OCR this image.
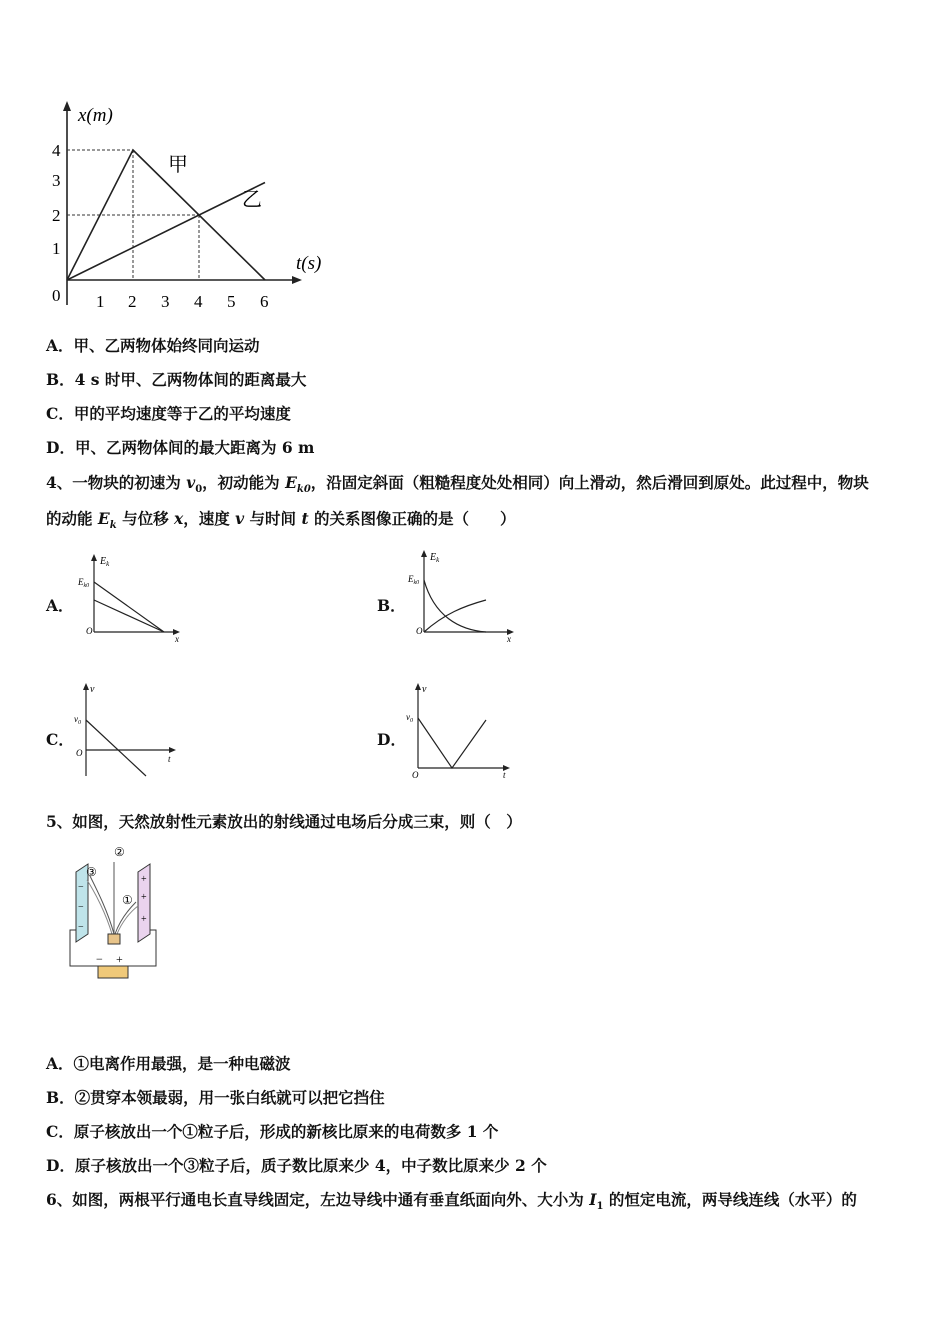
x(m)
t(s)
0
4
3
2
1
1 2 3 4 5 6
甲
乙
A．甲、乙两物体始终同向运动
B．4 s 时甲、乙两物体间的距离最大
C．甲的平均速度等于乙的平均速度
D．甲、乙两物体间的最大距离为 6 m
4、一物块的初速为 $v_0$，初动能为 $E_{k0}$，沿固定斜面（粗糙程度处处相同）向上滑动，然后滑回到原处。此过程中，物块
的动能 $E_k$ 与位移 x，速度 v 与时间 t 的关系图像正确的是（　　）
A．
$E_k$
$E_{k0}$
O
x
B．
$E_k$
$E_{k0}$
O
x
C．
v
$v_0$
O
t
D．
v
$v_0$
O	t
5、如图，天然放射性元素放出的射线通过电场后分成三束，则（　）
−
−
−
+
+
+
③
②
①
− +
A．①电离作用最强，是一种电磁波
B．②贯穿本领最弱，用一张白纸就可以把它挡住
C．原子核放出一个①粒子后，形成的新核比原来的电荷数多 1 个
D．原子核放出一个③粒子后，质子数比原来少 4，中子数比原来少 2 个
6、如图，两根平行通电长直导线固定，左边导线中通有垂直纸面向外、大小为 $I_1$ 的恒定电流，两导线连线（水平）的
